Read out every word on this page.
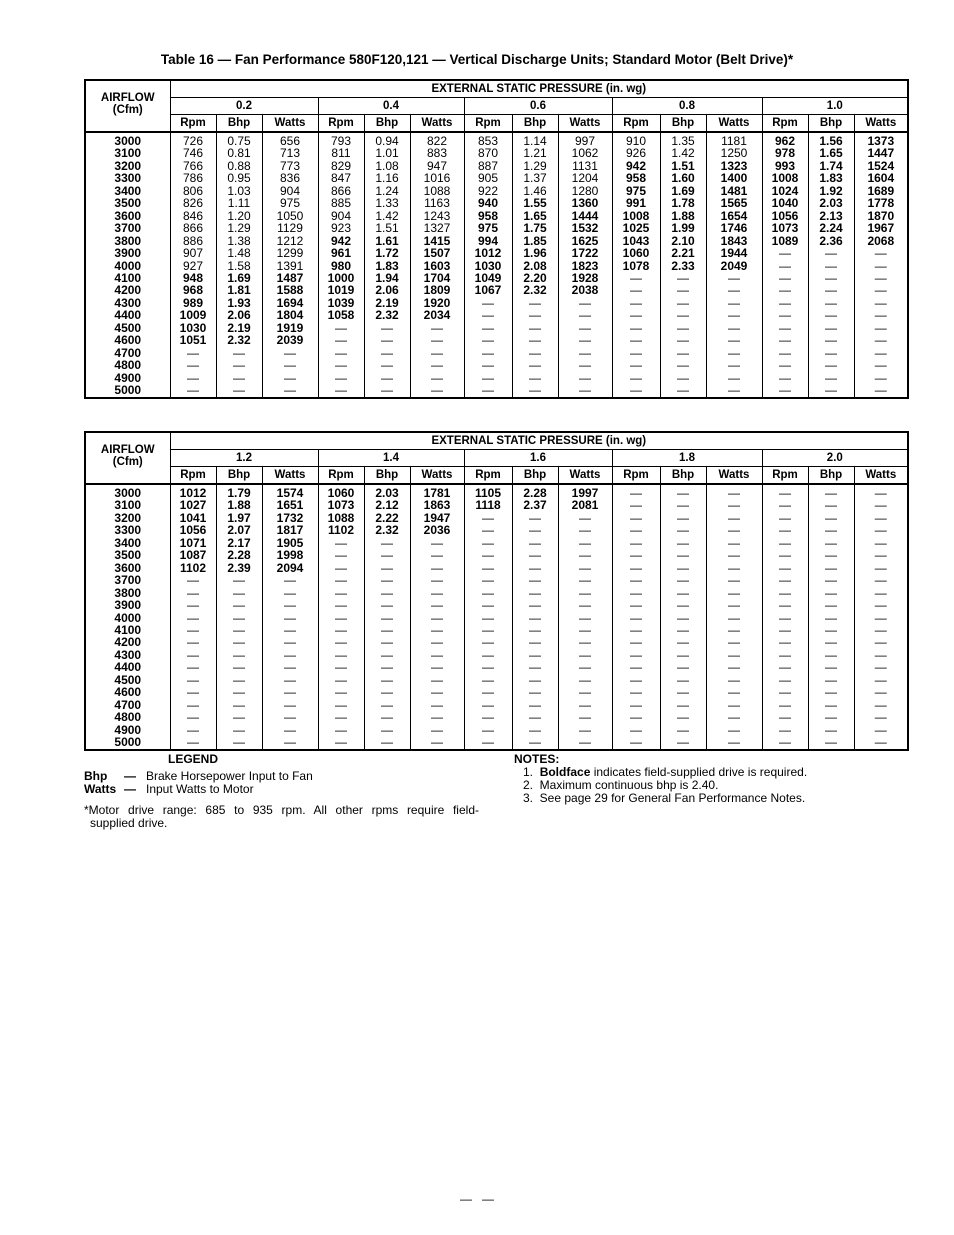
Table 16 — Fan Performance 580F120,121 — Vertical Discharge Units; Standard Motor (Belt Drive)*
AIRFLOW
(Cfm)	EXTERNAL STATIC PRESSURE (in. wg)														
	0.2			0.4			0.6			0.8			1.0		
	Rpm	Bhp	Watts	Rpm	Bhp	Watts	Rpm	Bhp	Watts	Rpm	Bhp	Watts	Rpm	Bhp	Watts
3000	726	0.75	656	793	0.94	822	853	1.14	997	910	1.35	1181	962	1.56	1373
3100	746	0.81	713	811	1.01	883	870	1.21	1062	926	1.42	1250	978	1.65	1447
3200	766	0.88	773	829	1.08	947	887	1.29	1131	942	1.51	1323	993	1.74	1524
3300	786	0.95	836	847	1.16	1016	905	1.37	1204	958	1.60	1400	1008	1.83	1604
3400	806	1.03	904	866	1.24	1088	922	1.46	1280	975	1.69	1481	1024	1.92	1689
3500	826	1.11	975	885	1.33	1163	940	1.55	1360	991	1.78	1565	1040	2.03	1778
3600	846	1.20	1050	904	1.42	1243	958	1.65	1444	1008	1.88	1654	1056	2.13	1870
3700	866	1.29	1129	923	1.51	1327	975	1.75	1532	1025	1.99	1746	1073	2.24	1967
3800	886	1.38	1212	942	1.61	1415	994	1.85	1625	1043	2.10	1843	1089	2.36	2068
3900	907	1.48	1299	961	1.72	1507	1012	1.96	1722	1060	2.21	1944	—	—	—
4000	927	1.58	1391	980	1.83	1603	1030	2.08	1823	1078	2.33	2049	—	—	—
4100	948	1.69	1487	1000	1.94	1704	1049	2.20	1928	—	—	—	—	—	—
4200	968	1.81	1588	1019	2.06	1809	1067	2.32	2038	—	—	—	—	—	—
4300	989	1.93	1694	1039	2.19	1920	—	—	—	—	—	—	—	—	—
4400	1009	2.06	1804	1058	2.32	2034	—	—	—	—	—	—	—	—	—
4500	1030	2.19	1919	—	—	—	—	—	—	—	—	—	—	—	—
4600	1051	2.32	2039	—	—	—	—	—	—	—	—	—	—	—	—
4700	—	—	—	—	—	—	—	—	—	—	—	—	—	—	—
4800	—	—	—	—	—	—	—	—	—	—	—	—	—	—	—
4900	—	—	—	—	—	—	—	—	—	—	—	—	—	—	—
5000	—	—	—	—	—	—	—	—	—	—	—	—	—	—	—
AIRFLOW
(Cfm)	EXTERNAL STATIC PRESSURE (in. wg)														
	1.2			1.4			1.6			1.8			2.0		
	Rpm	Bhp	Watts	Rpm	Bhp	Watts	Rpm	Bhp	Watts	Rpm	Bhp	Watts	Rpm	Bhp	Watts
3000	1012	1.79	1574	1060	2.03	1781	1105	2.28	1997	—	—	—	—	—	—
3100	1027	1.88	1651	1073	2.12	1863	1118	2.37	2081	—	—	—	—	—	—
3200	1041	1.97	1732	1088	2.22	1947	—	—	—	—	—	—	—	—	—
3300	1056	2.07	1817	1102	2.32	2036	—	—	—	—	—	—	—	—	—
3400	1071	2.17	1905	—	—	—	—	—	—	—	—	—	—	—	—
3500	1087	2.28	1998	—	—	—	—	—	—	—	—	—	—	—	—
3600	1102	2.39	2094	—	—	—	—	—	—	—	—	—	—	—	—
3700	—	—	—	—	—	—	—	—	—	—	—	—	—	—	—
3800	—	—	—	—	—	—	—	—	—	—	—	—	—	—	—
3900	—	—	—	—	—	—	—	—	—	—	—	—	—	—	—
4000	—	—	—	—	—	—	—	—	—	—	—	—	—	—	—
4100	—	—	—	—	—	—	—	—	—	—	—	—	—	—	—
4200	—	—	—	—	—	—	—	—	—	—	—	—	—	—	—
4300	—	—	—	—	—	—	—	—	—	—	—	—	—	—	—
4400	—	—	—	—	—	—	—	—	—	—	—	—	—	—	—
4500	—	—	—	—	—	—	—	—	—	—	—	—	—	—	—
4600	—	—	—	—	—	—	—	—	—	—	—	—	—	—	—
4700	—	—	—	—	—	—	—	—	—	—	—	—	—	—	—
4800	—	—	—	—	—	—	—	—	—	—	—	—	—	—	—
4900	—	—	—	—	—	—	—	—	—	—	—	—	—	—	—
5000	—	—	—	—	—	—	—	—	—	—	—	—	—	—	—
LEGEND
Bhp	— Brake Horsepower Input to Fan
Watts — Input Watts to Motor
*Motor drive range: 685 to 935 rpm. All other rpms require field-
supplied drive.
NOTES:
1. Boldface indicates field-supplied drive is required.
2.  Maximum continuous bhp is 2.40.
3.  See page 29 for General Fan Performance Notes.
—   —
